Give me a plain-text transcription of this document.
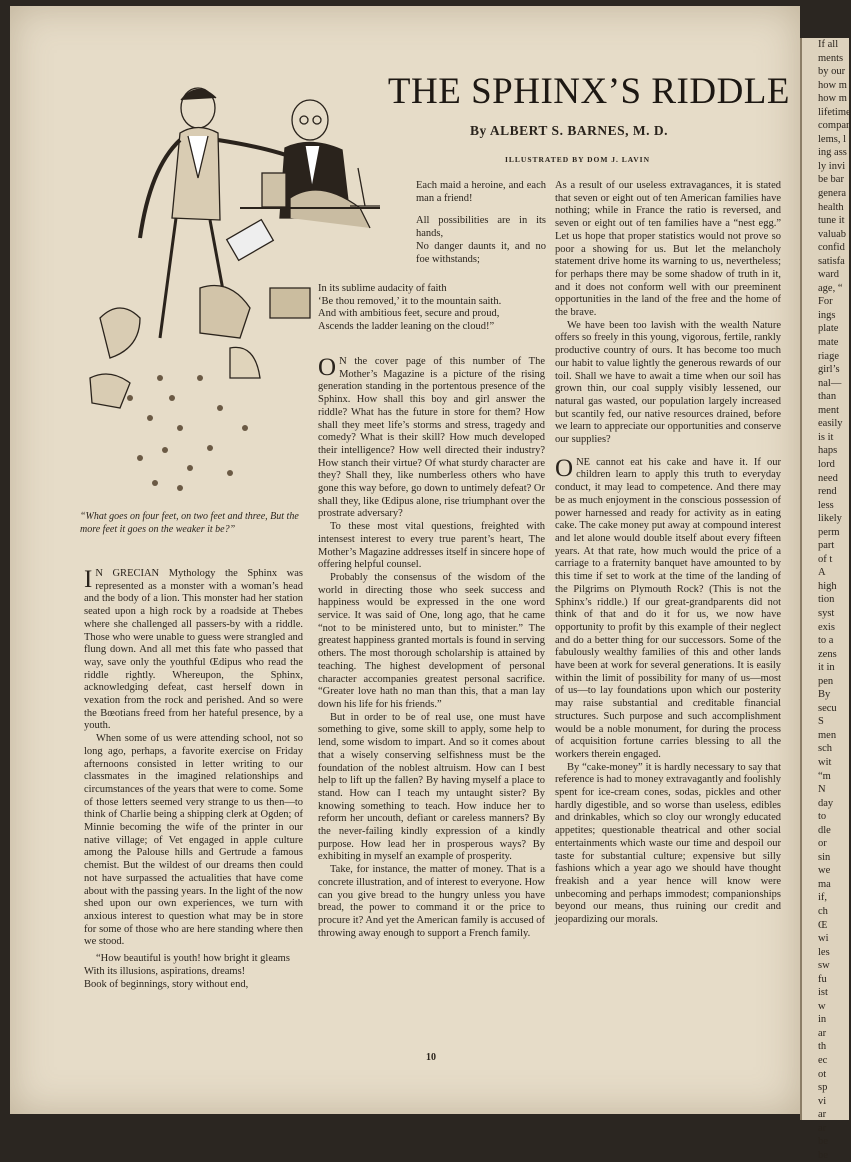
If all
ments
by our
how m
how m
lifetime
compar
lems, l
ing ass
ly invi
be bar
genera
health
tune it
valuab
confid
satisfa
ward
age, “
For
ings
plate
mate
riage
girl’s
nal—
than
ment
easily
is it
haps
lord
need
rend
less
likely
perm
part
of t
A
high
tion
syst
exis
to a
zens
it in
pen
By
secu
S
men
sch
wit
“m
N
day
to
dle
or
sin
we
ma
if,
ch
Œ
wi
les
sw
fu
ist
w
in
ar
th
ec
ot
sp
vi
ar
ar
be
be
THE SPHINX’S RIDDLE
By ALBERT S. BARNES, M. D.
ILLUSTRATED BY DOM J. LAVIN
Each maid a heroine, and each man a friend!
All possibilities are in its hands,
No danger daunts it, and no foe withstands;
In its sublime audacity of faith
‘Be thou removed,’ it to the mountain saith.
And with ambitious feet, secure and proud,
Ascends the ladder leaning on the cloud!”
“What goes on four feet, on two feet and three, But the more feet it goes on the weaker it be?”

I N GRECIAN Mythology the Sphinx was represented as a monster with a woman’s head and the body of a lion. This monster had her station seated upon a high rock by a roadside at Thebes where she challenged all passers-by with a riddle. Those who were unable to guess were strangled and flung down. And all met this fate who passed that way, save only the youthful Œdipus who read the riddle rightly. Whereupon, the Sphinx, acknowledging defeat, cast herself down in vexation from the rock and perished. And so were the Bœotians freed from her hateful presence, by a youth.

When some of us were attending school, not so long ago, perhaps, a favorite exercise on Friday afternoons consisted in letter writing to our classmates in the imagined relationships and circumstances of the years that were to come. Some of those letters seemed very strange to us then—to think of Charlie being a shipping clerk at Ogden; of Minnie becoming the wife of the printer in our native village; of Vet engaged in apple culture among the Palouse hills and Gertrude a famous chemist. But the wildest of our dreams then could not have surpassed the actualities that have come about with the passing years. In the light of the now shed upon our own experiences, we turn with anxious interest to question what may be in store for some of those who are here standing where then we stood.

“How beautiful is youth! how bright it gleams

With its illusions, aspirations, dreams!

Book of beginnings, story without end,

O N the cover page of this number of The Mother’s Magazine is a picture of the rising generation standing in the portentous presence of the Sphinx. How shall this boy and girl answer the riddle? What has the future in store for them? How shall they meet life’s storms and stress, tragedy and comedy? What is their skill? How much developed their intelligence? How well directed their industry? How stanch their virtue? Of what sturdy character are they? Shall they, like numberless others who have gone this way before, go down to untimely defeat? Or shall they, like Œdipus alone, rise triumphant over the prostrate adversary?

To these most vital questions, freighted with intensest interest to every true parent’s heart, The Mother’s Magazine addresses itself in sincere hope of offering helpful counsel.

Probably the consensus of the wisdom of the world in directing those who seek success and happiness would be expressed in the one word service. It was said of One, long ago, that he came “not to be ministered unto, but to minister.” The greatest happiness granted mortals is found in serving others. The most thorough scholarship is attained by teaching. The highest development of personal character accompanies greatest personal sacrifice. “Greater love hath no man than this, that a man lay down his life for his friends.”

But in order to be of real use, one must have something to give, some skill to apply, some help to lend, some wisdom to impart. And so it comes about that a wisely conserving selfishness must be the foundation of the noblest altruism. How can I best help to lift up the fallen? By having myself a place to stand. How can I teach my untaught sister? By knowing something to teach. How induce her to reform her uncouth, defiant or careless manners? By the never-failing kindly expression of a kindly purpose. How lead her in prosperous ways? By exhibiting in myself an example of prosperity.

Take, for instance, the matter of money. That is a concrete illustration, and of interest to everyone. How can you give bread to the hungry unless you have bread, the power to command it or the price to procure it? And yet the American family is accused of throwing away enough to support a French family.

As a result of our useless extravagances, it is stated that seven or eight out of ten American families have nothing; while in France the ratio is reversed, and seven or eight out of ten families have a “nest egg.” Let us hope that proper statistics would not prove so poor a showing for us. But let the melancholy statement drive home its warning to us, nevertheless; for perhaps there may be some shadow of truth in it, and it does not conform well with our preeminent opportunities in the land of the free and the home of the brave.

We have been too lavish with the wealth Nature offers so freely in this young, vigorous, fertile, rankly productive country of ours. It has become too much our habit to value lightly the generous rewards of our toil. Shall we have to await a time when our soil has grown thin, our coal supply visibly lessened, our natural gas wasted, our population largely increased but scantily fed, our native resources drained, before we learn to appreciate our opportunities and conserve our supplies?

ONE cannot eat his cake and have it. If our children learn to apply this truth to everyday conduct, it may lead to competence. And there may be as much enjoyment in the conscious possession of power harnessed and ready for activity as in eating cake. The cake money put away at compound interest and let alone would double itself about every fifteen years. At that rate, how much would the price of a carriage to a fraternity banquet have amounted to by this time if set to work at the time of the landing of the Pilgrims on Plymouth Rock? (This is not the Sphinx’s riddle.) If our great-grandparents did not think of that and do it for us, we now have opportunity to profit by this example of their neglect and do a better thing for our successors. Some of the fabulously wealthy families of this and other lands have been at work for several generations. It is easily within the limit of possibility for many of us—most of us—to lay foundations upon which our posterity may raise substantial and creditable financial structures. Such purpose and such accomplishment would be a noble monument, for during the process of acquisition fortune carries blessing to all the workers therein engaged.

By “cake-money” it is hardly necessary to say that reference is had to money extravagantly and foolishly spent for ice-cream cones, sodas, pickles and other hardly digestible, and so worse than useless, edibles and drinkables, which so cloy our wrongly educated appetites; questionable theatrical and other social entertainments which waste our time and despoil our taste for substantial culture; expensive but silly fashions which a year ago we should have thought freakish and a year hence will know were unbecoming and perhaps immodest; companionships beyond our means, thus ruining our credit and jeopardizing our morals.

10
